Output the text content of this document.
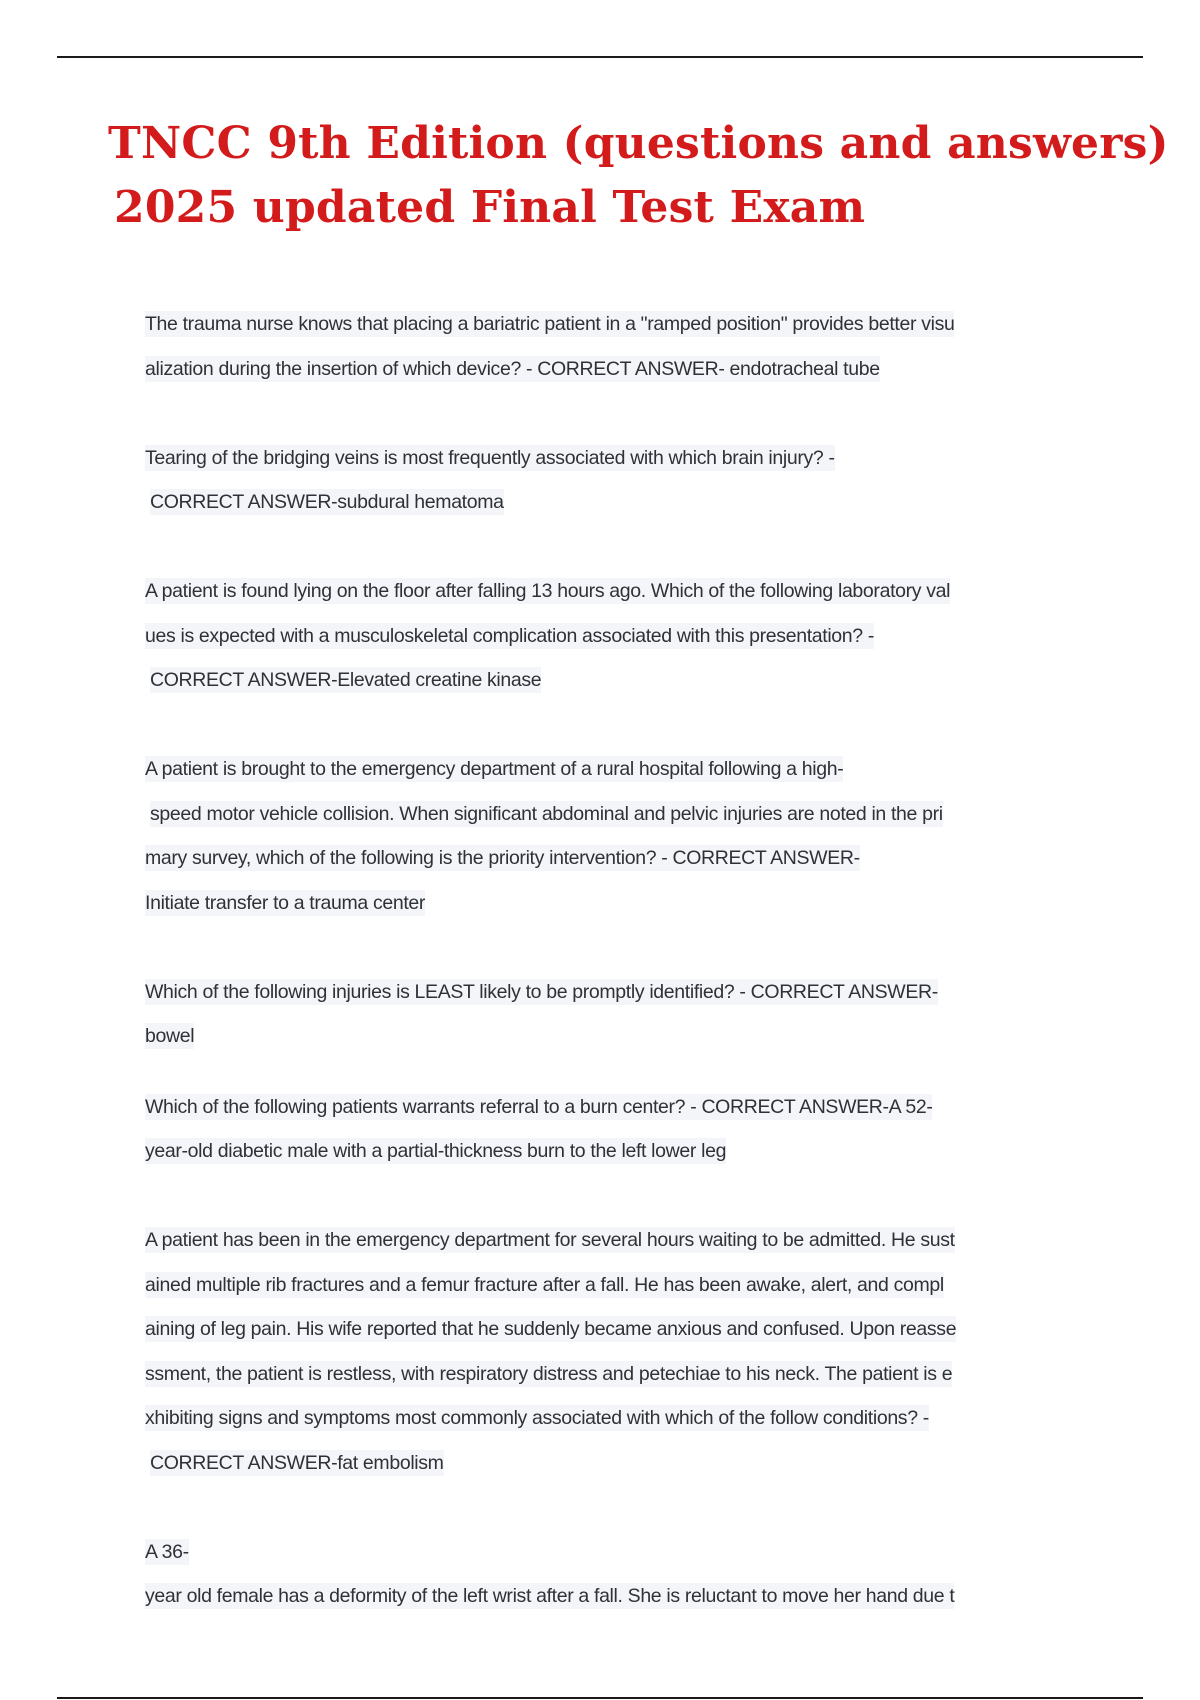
TNCC 9th Edition (questions and answers)
2025 updated Final Test Exam

The trauma nurse knows that placing a bariatric patient in a "ramped position" provides better visu
alization during the insertion of which device? - CORRECT ANSWER- endotracheal tube

Tearing of the bridging veins is most frequently associated with which brain injury? -
CORRECT ANSWER-subdural hematoma

A patient is found lying on the floor after falling 13 hours ago. Which of the following laboratory val
ues is expected with a musculoskeletal complication associated with this presentation? -
CORRECT ANSWER-Elevated creatine kinase

A patient is brought to the emergency department of a rural hospital following a high-
speed motor vehicle collision. When significant abdominal and pelvic injuries are noted in the pri
mary survey, which of the following is the priority intervention? - CORRECT ANSWER-
Initiate transfer to a trauma center

Which of the following injuries is LEAST likely to be promptly identified? - CORRECT ANSWER-
bowel

Which of the following patients warrants referral to a burn center? - CORRECT ANSWER-A 52-
year-old diabetic male with a partial-thickness burn to the left lower leg

A patient has been in the emergency department for several hours waiting to be admitted. He sust
ained multiple rib fractures and a femur fracture after a fall. He has been awake, alert, and compl
aining of leg pain. His wife reported that he suddenly became anxious and confused. Upon reasse
ssment, the patient is restless, with respiratory distress and petechiae to his neck. The patient is e
xhibiting signs and symptoms most commonly associated with which of the follow conditions? -
CORRECT ANSWER-fat embolism

A 36-
year old female has a deformity of the left wrist after a fall. She is reluctant to move her hand due t
